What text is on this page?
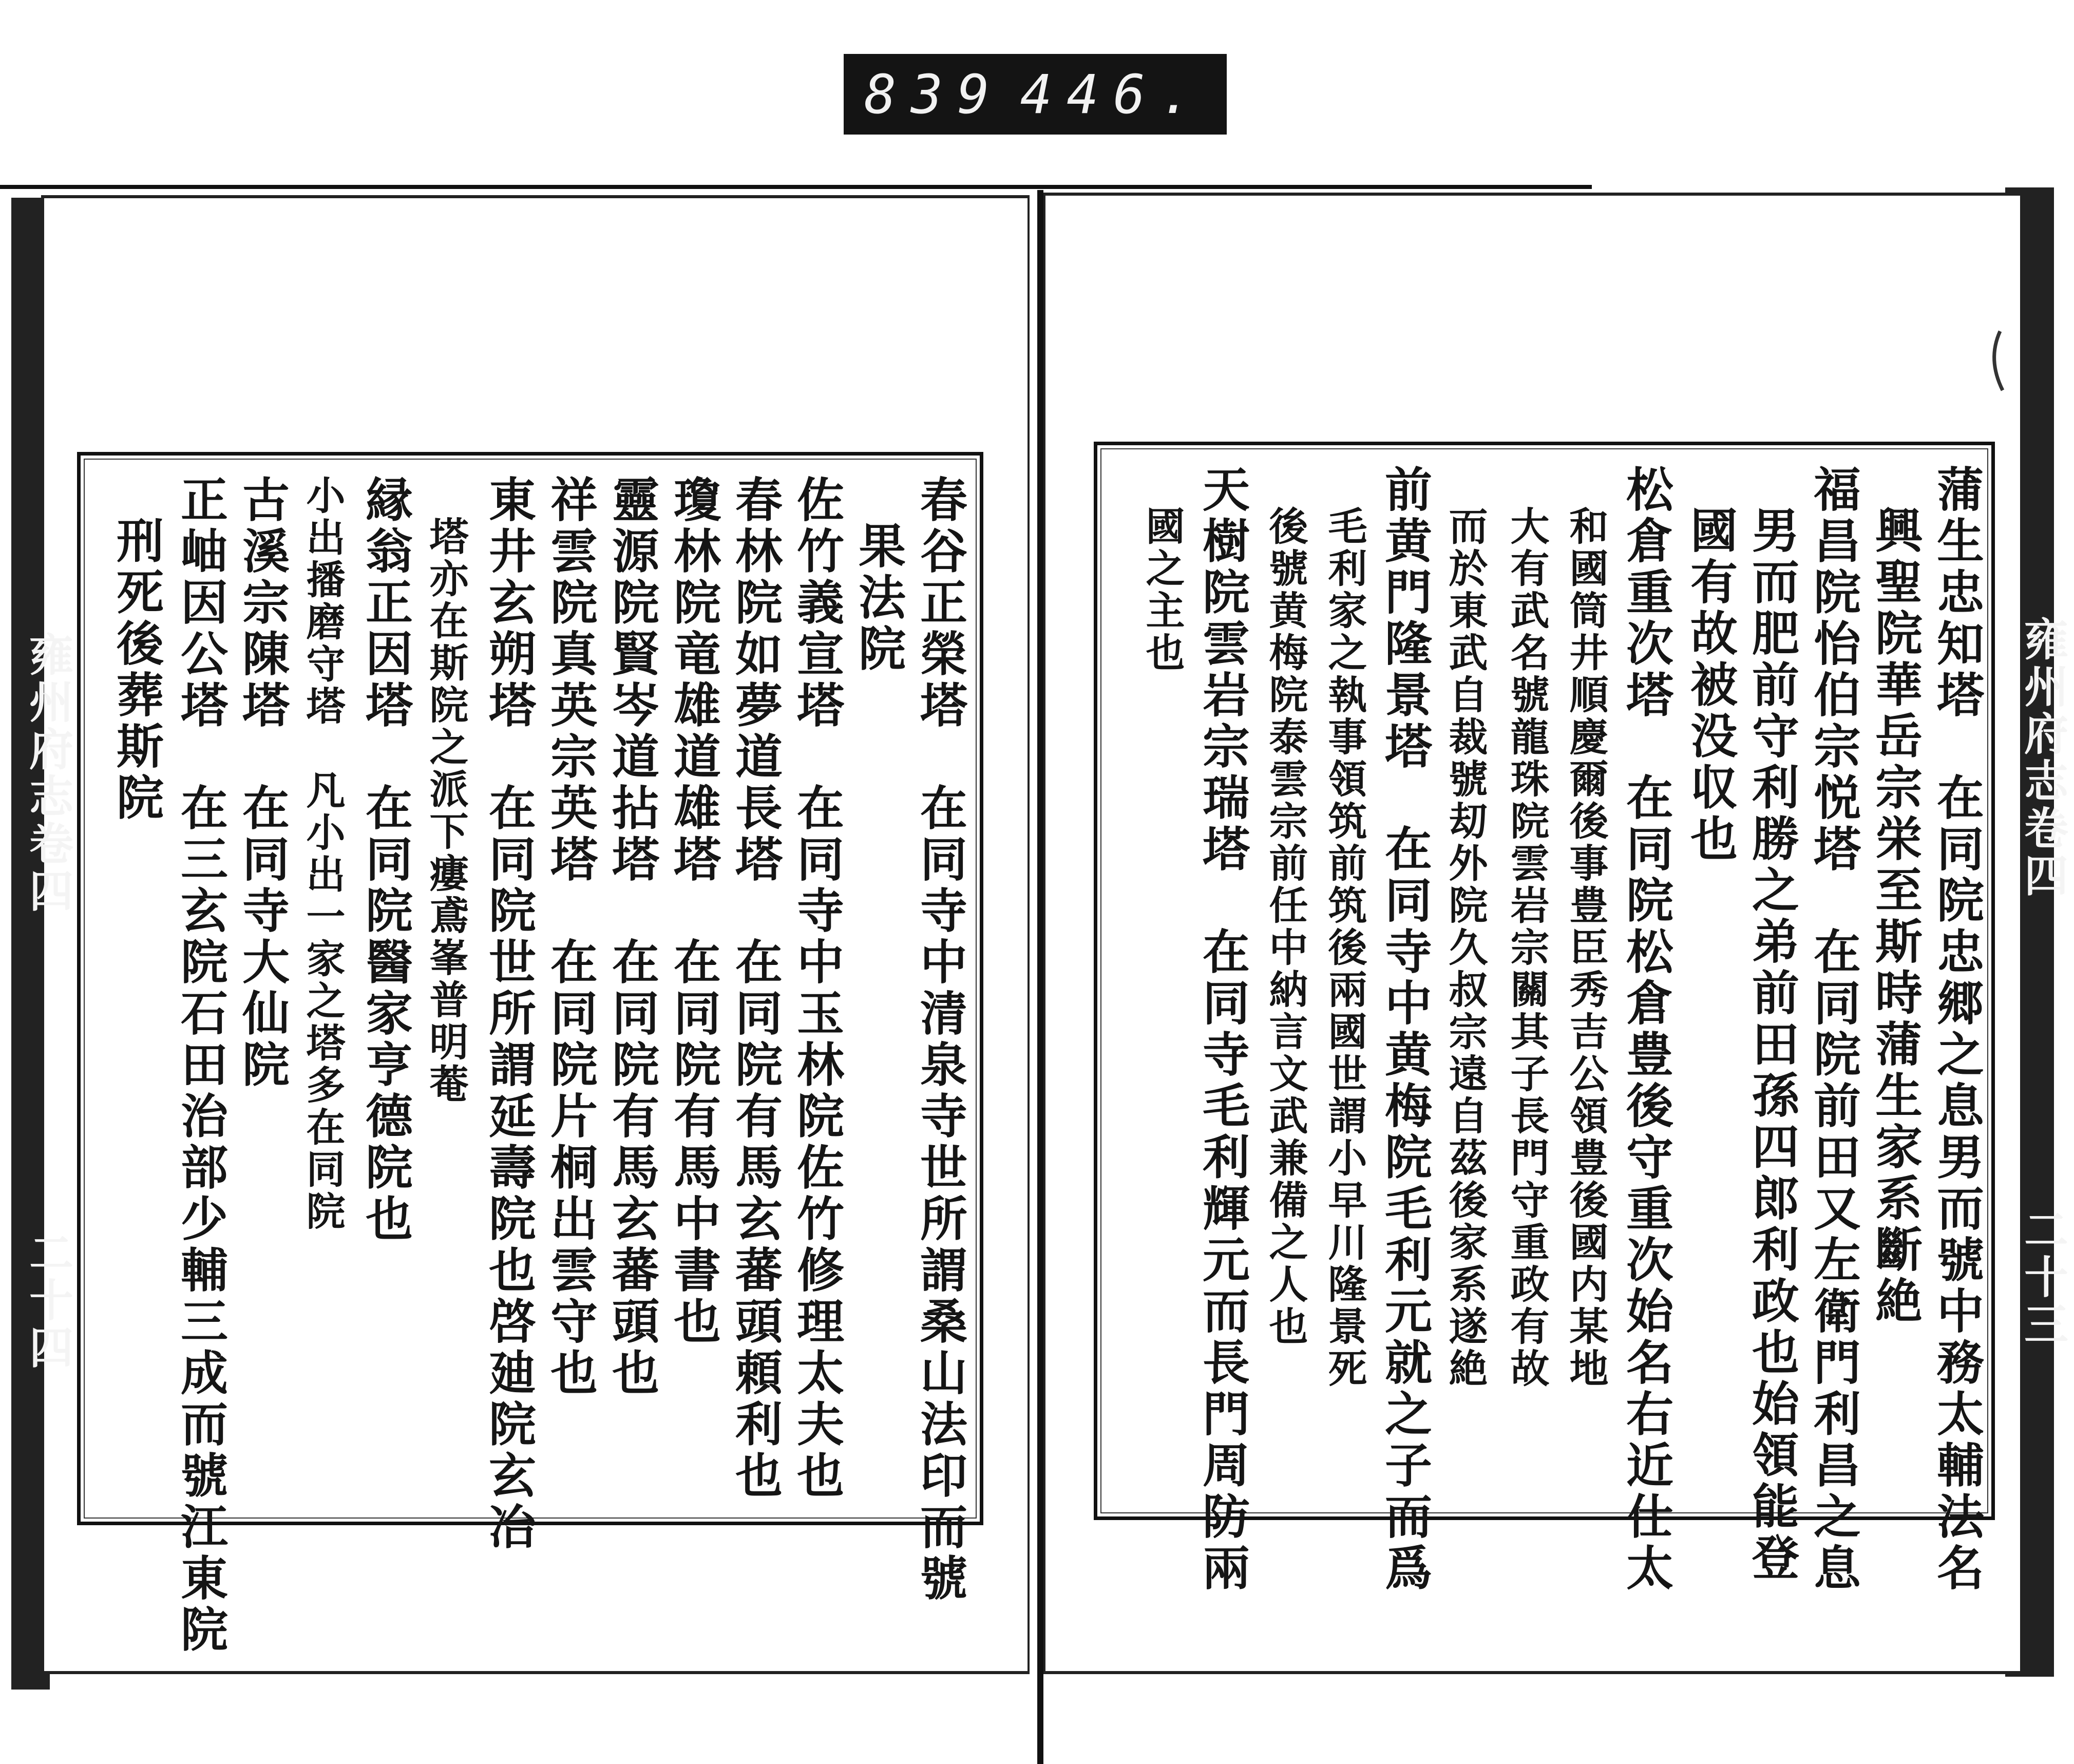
839 446.
雍州府志卷四
二十四
雍州府志卷四
二十三
蒲生忠知塔　在同院忠郷之息男而號中務太輔法名
興聖院華岳宗栄至斯時蒲生家系斷絶
福昌院怡伯宗悦塔　在同院前田又左衛門利昌之息
男而肥前守利勝之弟前田孫四郎利政也始領能登
國有故被没収也
松倉重次塔　在同院松倉豊後守重次始名右近仕太
和國筒井順慶爾後事豊臣秀吉公領豊後國内某地
大有武名號龍珠院雲岩宗關其子長門守重政有故
而於東武自裁號刧外院久叔宗遠自茲後家系遂絶
前黄門隆景塔　在同寺中黄梅院毛利元就之子而爲
毛利家之執事領筑前筑後兩國世謂小早川隆景死
後號黄梅院泰雲宗前任中納言文武兼備之人也
天樹院雲岩宗瑞塔　在同寺毛利輝元而長門周防兩
國之主也
春谷正榮塔　在同寺中清泉寺世所謂桑山法印而號
果法院
佐竹義宣塔　在同寺中玉林院佐竹修理太夫也
春林院如夢道長塔　在同院有馬玄蕃頭頼利也
瓊林院竜雄道雄塔　在同院有馬中書也
靈源院賢岑道拈塔　在同院有馬玄蕃頭也
祥雲院真英宗英塔　在同院片桐出雲守也
東井玄朔塔　在同院世所謂延壽院也啓廸院玄冶
塔亦在斯院之派下瘻鳶峯普明菴
縁翁正因塔　在同院醫家亨德院也
小出播磨守塔　凡小出一家之塔多在同院
古溪宗陳塔　在同寺大仙院
正岫因公塔　在三玄院石田治部少輔三成而號江東院
刑死後葬斯院
